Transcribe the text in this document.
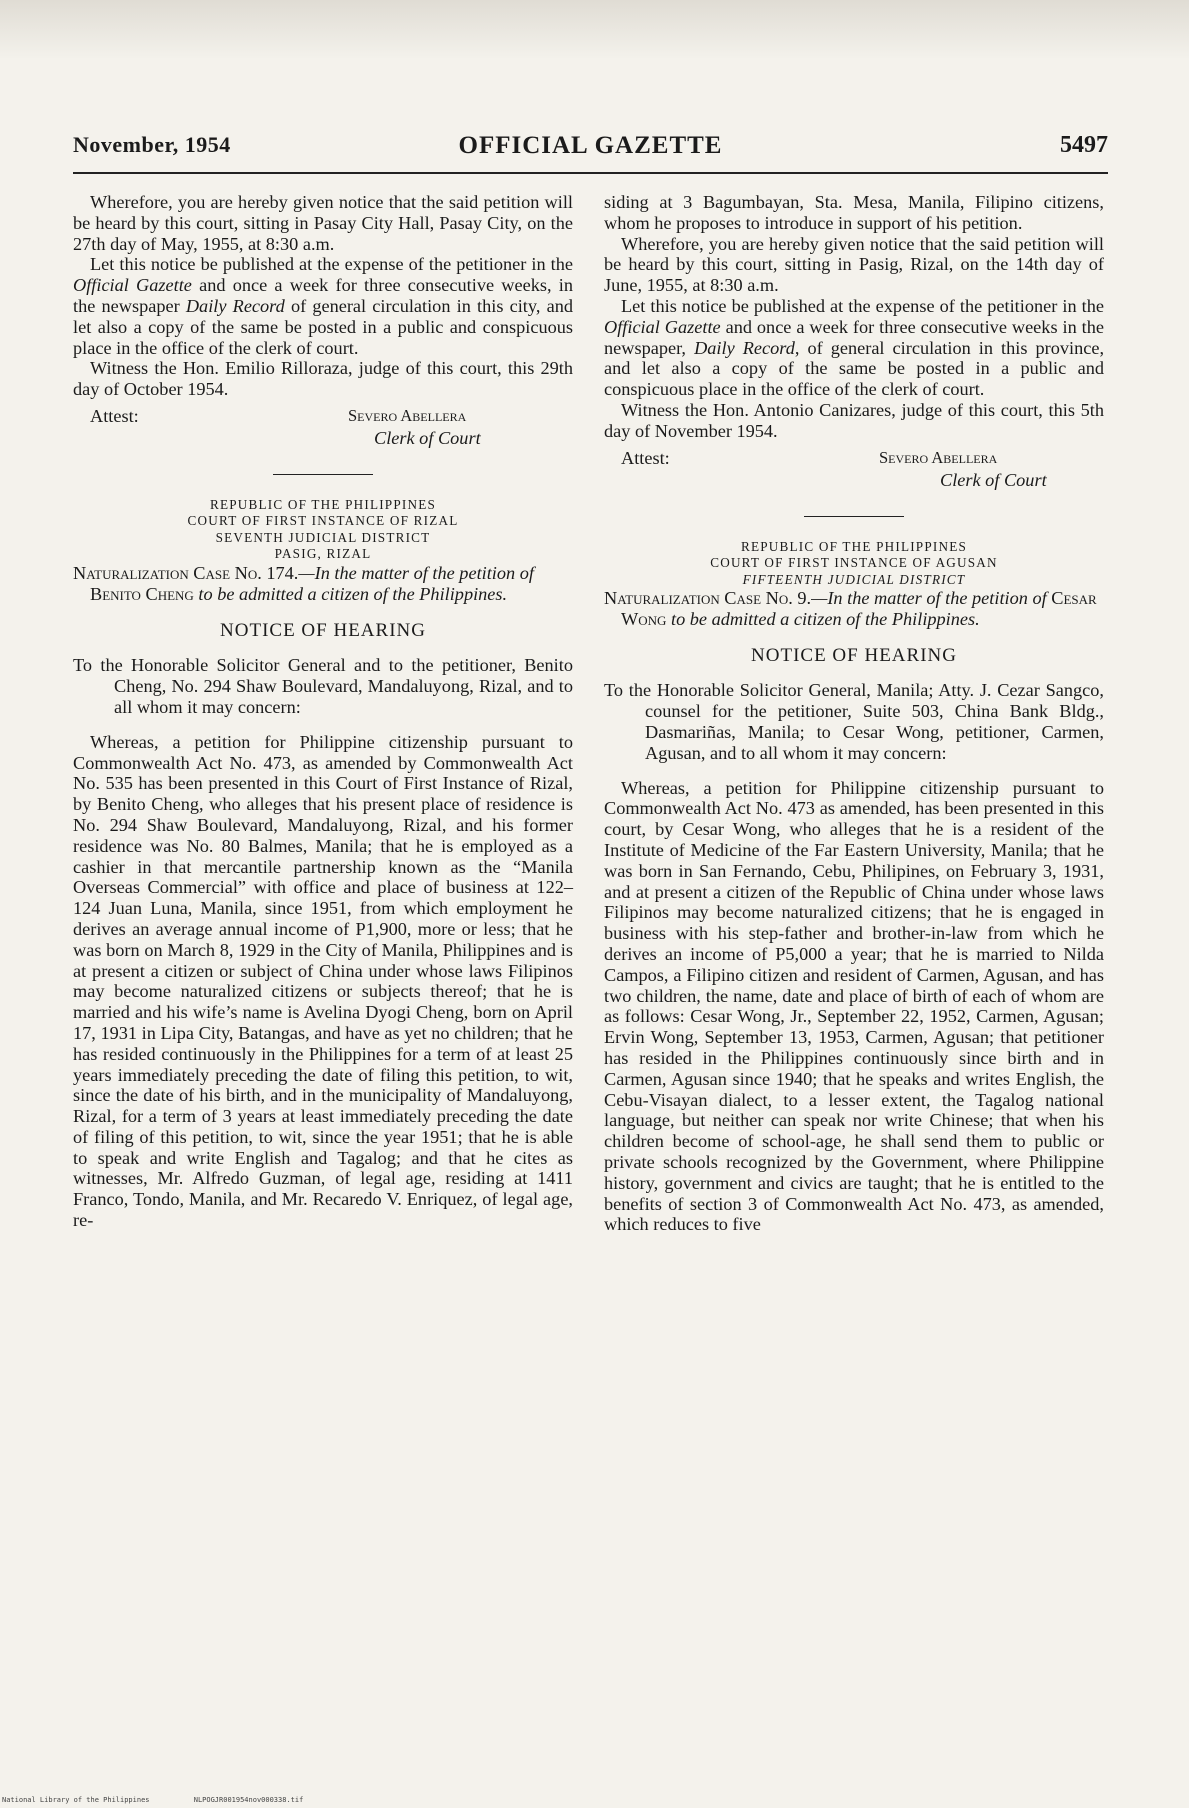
November, 1954	OFFICIAL GAZETTE	5497

Wherefore, you are hereby given notice that the said petition will be heard by this court, sitting in Pasay City Hall, Pasay City, on the 27th day of May, 1955, at 8:30 a.m.

Let this notice be published at the expense of the petitioner in the Official Gazette and once a week for three consecutive weeks, in the newspaper Daily Record of general circulation in this city, and let also a copy of the same be posted in a public and conspicuous place in the office of the clerk of court.

Witness the Hon. Emilio Rilloraza, judge of this court, this 29th day of October 1954.

Attest:	Severo Abellera
Clerk of Court
REPUBLIC OF THE PHILIPPINES
COURT OF FIRST INSTANCE OF RIZAL
SEVENTH JUDICIAL DISTRICT
PASIG, RIZAL

Naturalization Case No. 174.—In the matter of the petition of Benito Cheng to be admitted a citizen of the Philippines.

NOTICE OF HEARING

To the Honorable Solicitor General and to the petitioner, Benito Cheng, No. 294 Shaw Boulevard, Mandaluyong, Rizal, and to all whom it may concern:

Whereas, a petition for Philippine citizenship pursuant to Commonwealth Act No. 473, as amended by Commonwealth Act No. 535 has been presented in this Court of First Instance of Rizal, by Benito Cheng, who alleges that his present place of residence is No. 294 Shaw Boulevard, Mandaluyong, Rizal, and his former residence was No. 80 Balmes, Manila; that he is employed as a cashier in that mercantile partnership known as the “Manila Overseas Commercial” with office and place of business at 122–124 Juan Luna, Manila, since 1951, from which employment he derives an average annual income of P1,900, more or less; that he was born on March 8, 1929 in the City of Manila, Philippines and is at present a citizen or subject of China under whose laws Filipinos may become naturalized citizens or subjects thereof; that he is married and his wife’s name is Avelina Dyogi Cheng, born on April 17, 1931 in Lipa City, Batangas, and have as yet no children; that he has resided continuously in the Philippines for a term of at least 25 years immediately preceding the date of filing this petition, to wit, since the date of his birth, and in the municipality of Mandaluyong, Rizal, for a term of 3 years at least immediately preceding the date of filing of this petition, to wit, since the year 1951; that he is able to speak and write English and Tagalog; and that he cites as witnesses, Mr. Alfredo Guzman, of legal age, residing at 1411 Franco, Tondo, Manila, and Mr. Recaredo V. Enriquez, of legal age, re-

siding at 3 Bagumbayan, Sta. Mesa, Manila, Filipino citizens, whom he proposes to introduce in support of his petition.

Wherefore, you are hereby given notice that the said petition will be heard by this court, sitting in Pasig, Rizal, on the 14th day of June, 1955, at 8:30 a.m.

Let this notice be published at the expense of the petitioner in the Official Gazette and once a week for three consecutive weeks in the newspaper, Daily Record, of general circulation in this province, and let also a copy of the same be posted in a public and conspicuous place in the office of the clerk of court.

Witness the Hon. Antonio Canizares, judge of this court, this 5th day of November 1954.

Attest:	Severo Abellera
Clerk of Court
REPUBLIC OF THE PHILIPPINES
COURT OF FIRST INSTANCE OF AGUSAN
FIFTEENTH JUDICIAL DISTRICT

Naturalization Case No. 9.—In the matter of the petition of Cesar Wong to be admitted a citizen of the Philippines.

NOTICE OF HEARING

To the Honorable Solicitor General, Manila; Atty. J. Cezar Sangco, counsel for the petitioner, Suite 503, China Bank Bldg., Dasmariñas, Manila; to Cesar Wong, petitioner, Carmen, Agusan, and to all whom it may concern:

Whereas, a petition for Philippine citizenship pursuant to Commonwealth Act No. 473 as amended, has been presented in this court, by Cesar Wong, who alleges that he is a resident of the Institute of Medicine of the Far Eastern University, Manila; that he was born in San Fernando, Cebu, Philipines, on February 3, 1931, and at present a citizen of the Republic of China under whose laws Filipinos may become naturalized citizens; that he is engaged in business with his step-father and brother-in-law from which he derives an income of P5,000 a year; that he is married to Nilda Campos, a Filipino citizen and resident of Carmen, Agusan, and has two children, the name, date and place of birth of each of whom are as follows: Cesar Wong, Jr., September 22, 1952, Carmen, Agusan; Ervin Wong, September 13, 1953, Carmen, Agusan; that petitioner has resided in the Philippines continuously since birth and in Carmen, Agusan since 1940; that he speaks and writes English, the Cebu-Visayan dialect, to a lesser extent, the Tagalog national language, but neither can speak nor write Chinese; that when his children become of school-age, he shall send them to public or private schools recognized by the Government, where Philippine history, government and civics are taught; that he is entitled to the benefits of section 3 of Commonwealth Act No. 473, as amended, which reduces to five

National Library of the Philippines	NLPOGJR001954nov000338.tif
